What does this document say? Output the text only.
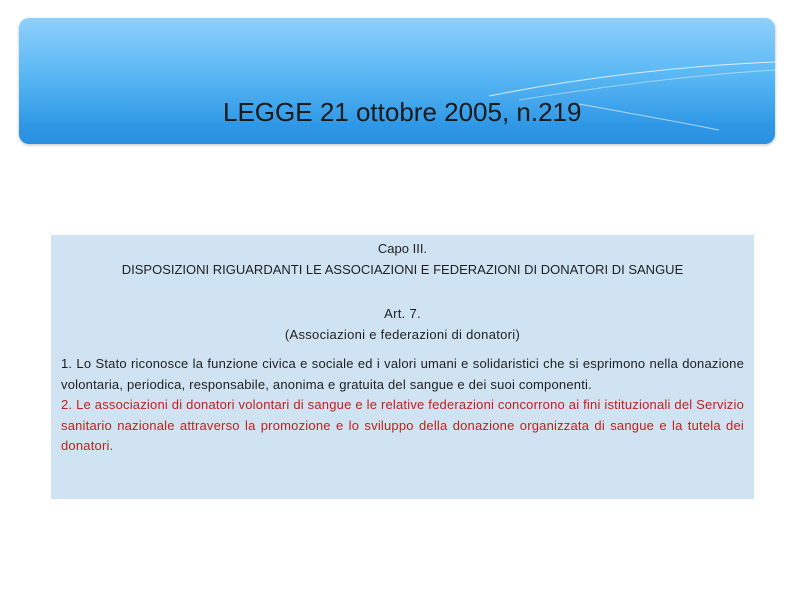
LEGGE 21 ottobre 2005, n.219
Capo III.
DISPOSIZIONI RIGUARDANTI LE ASSOCIAZIONI E FEDERAZIONI DI DONATORI DI SANGUE
Art. 7.
(Associazioni e federazioni di donatori)
1. Lo Stato riconosce la funzione civica e sociale ed i valori umani e solidaristici che si esprimono nella donazione volontaria, periodica, responsabile, anonima e gratuita del sangue e dei suoi componenti.
2. Le associazioni di donatori volontari di sangue e le relative federazioni concorrono ai fini istituzionali del Servizio sanitario nazionale attraverso la promozione e lo sviluppo della donazione organizzata di sangue e la tutela dei donatori.
